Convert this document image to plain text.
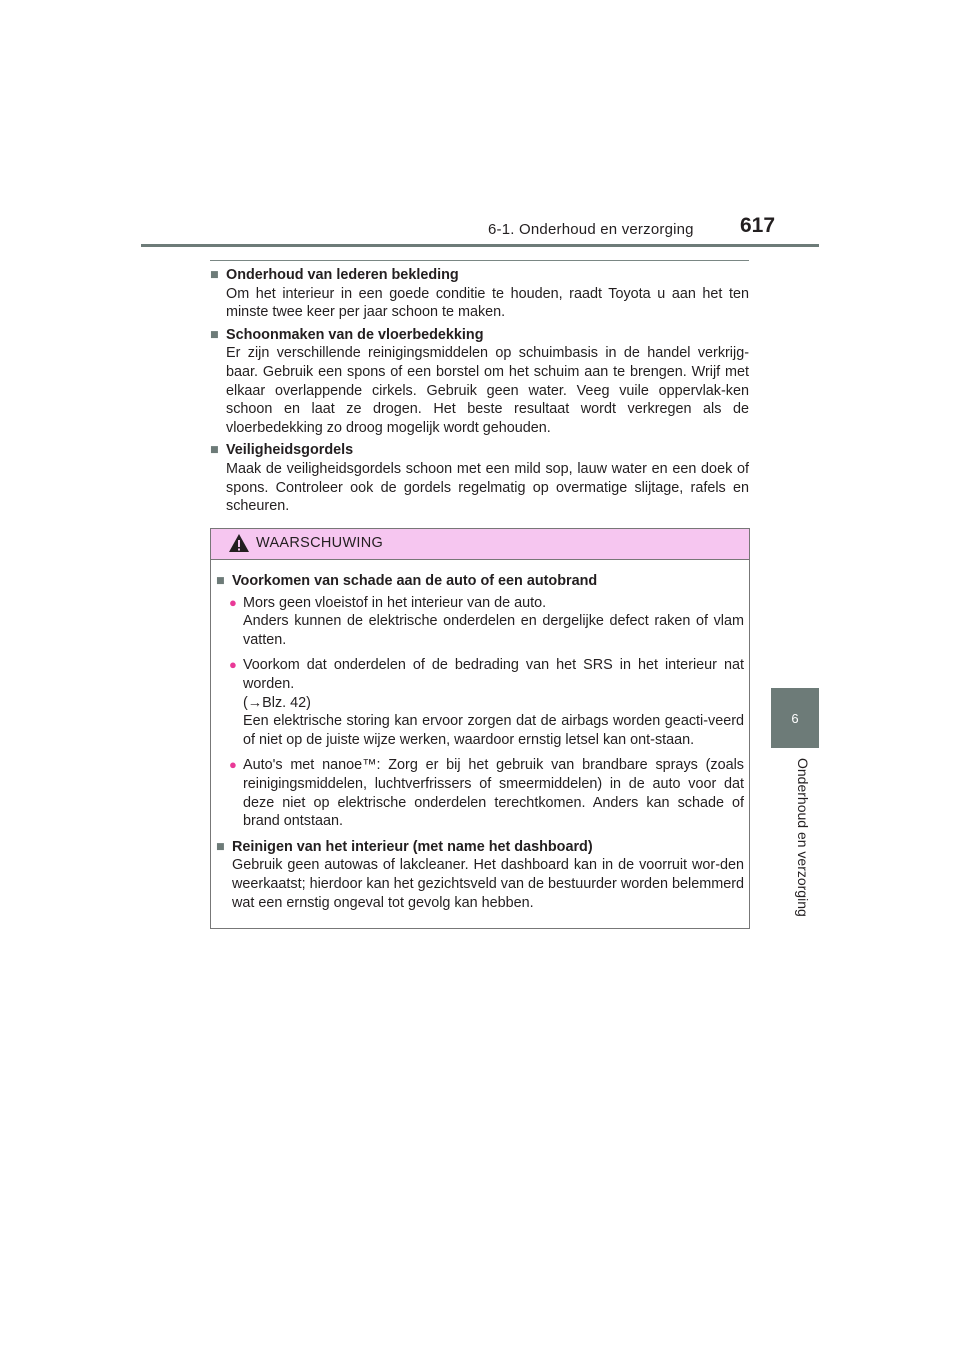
6-1. Onderhoud en verzorging 617
6
Onderhoud en verzorging
■ Onderhoud van lederen bekleding
Om het interieur in een goede conditie te houden, raadt Toyota u aan het ten minste twee keer per jaar schoon te maken.
■ Schoonmaken van de vloerbedekking
Er zijn verschillende reinigingsmiddelen op schuimbasis in de handel verkrijg-baar. Gebruik een spons of een borstel om het schuim aan te brengen. Wrijf met elkaar overlappende cirkels. Gebruik geen water. Veeg vuile oppervlak-ken schoon en laat ze drogen. Het beste resultaat wordt verkregen als de vloerbedekking zo droog mogelijk wordt gehouden.
■ Veiligheidsgordels
Maak de veiligheidsgordels schoon met een mild sop, lauw water en een doek of spons. Controleer ook de gordels regelmatig op overmatige slijtage, rafels en scheuren.
WAARSCHUWING
■ Voorkomen van schade aan de auto of een autobrand
● Mors geen vloeistof in het interieur van de auto.
Anders kunnen de elektrische onderdelen en dergelijke defect raken of vlam vatten.
● Voorkom dat onderdelen of de bedrading van het SRS in het interieur nat worden.
(→Blz. 42)
Een elektrische storing kan ervoor zorgen dat de airbags worden geacti-veerd of niet op de juiste wijze werken, waardoor ernstig letsel kan ont-staan.
● Auto's met nanoe™: Zorg er bij het gebruik van brandbare sprays (zoals reinigingsmiddelen, luchtverfrissers of smeermiddelen) in de auto voor dat deze niet op elektrische onderdelen terechtkomen. Anders kan schade of brand ontstaan.
■ Reinigen van het interieur (met name het dashboard)
Gebruik geen autowas of lakcleaner. Het dashboard kan in de voorruit wor-den weerkaatst; hierdoor kan het gezichtsveld van de bestuurder worden belemmerd wat een ernstig ongeval tot gevolg kan hebben.
